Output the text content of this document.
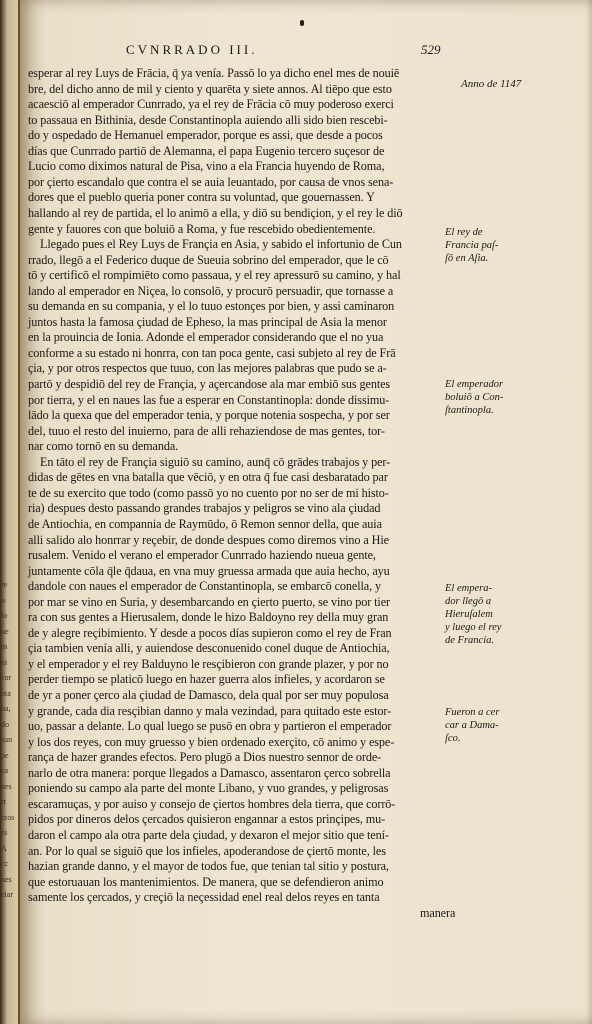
re
o
lo
ue
m
ni
cor
nta
ba,
do
sun
pe
ca
ues
rt
rzos
ni
A
cc
nes
ciar
CVNRRADO III.	529
esperar al rey Luys de Frācia, q̄ ya venía. Passō lo ya dicho enel mes de nouiē
bre, del dicho anno de mil y ciento y quarēta y siete annos. Al tiēpo que esto
acaesciō al emperador Cunrrado, ya el rey de Frācia cō muy poderoso exerci
to passaua en Bithinia, desde Constantinopla auiendo alli sido bien rescebi-
do y ospedado de Hemanuel emperador, porque es assi, que desde a pocos
días que Cunrrado partiō de Alemanna, el papa Eugenio tercero suçesor de
Lucio como diximos natural de Pisa, vino a ela Francia huyendo de Roma,
por çierto escandalo que contra el se auia leuantado, por causa de vnos sena-
dores que el pueblo queria poner contra su voluntad, que gouernassen. Y
hallando al rey de partida, el lo animō a ella, y diō su bendiçion, y el rey le diō
gente y fauores con que boluiō a Roma, y fue rescebido obedientemente.
Llegado pues el Rey Luys de Françia en Asia, y sabido el infortunio de Cun
rrado, llegō a el Federico duque de Sueuia sobrino del emperador, que le cō
tō y certificō el rompimiēto como passaua, y el rey apressurō su camino, y hal
lando al emperador en Niçea, lo consolō, y procurō persuadir, que tornasse a
su demanda en su compania, y el lo tuuo estonçes por bien, y assi caminaron
juntos hasta la famosa çiudad de Epheso, la mas principal de Asia la menor
en la prouincia de Ionia. Adonde el emperador considerando que el no yua
conforme a su estado ni honrra, con tan poca gente, casi subjeto al rey de Frā
çia, y por otros respectos que tuuo, con las mejores palabras que pudo se a-
partō y despidiō del rey de Françia, y açercandose ala mar embiō sus gentes
por tierra, y el en naues las fue a esperar en Constantinopla: donde dissimu-
lādo la quexa que del emperador tenia, y porque notenia sospecha, y por ser
del, tuuo el resto del inuierno, para de alli rehaziendose de mas gentes, tor-
nar como tornō en su demanda.
En tāto el rey de Françia siguiō su camino, aunq̄ cō grādes trabajos y per-
didas de gētes en vna batalla que vēciō, y en otra q̄ fue casi desbaratado par
te de su exercito que todo (como passō yo no cuento por no ser de mi histo-
ria) despues desto passando grandes trabajos y peligros se vino ala çiudad
de Antiochia, en compannia de Raymūdo, ō Remon sennor della, que auia
alli salido alo honrrar y reçebir, de donde despues como diremos vino a Hie
rusalem. Venido el verano el emperador Cunrrado haziendo nueua gente,
juntamente cōla q̄le q̄daua, en vna muy gruessa armada que auia hecho, ayu
dandole con naues el emperador de Constantinopla, se embarcō conella, y
por mar se vino en Suria, y desembarcando en çierto puerto, se vino por tier
ra con sus gentes a Hierusalem, donde le hizo Baldoyno rey della muy gran
de y alegre reçibimiento. Y desde a pocos días supieron como el rey de Fran
çia tambien venía alli, y auiendose desconuenido conel duque de Antiochia,
y el emperador y el rey Balduyno le resçibieron con grande plazer, y por no
perder tiempo se platicō luego en hazer guerra alos infieles, y acordaron se
de yr a poner çerco ala çiudad de Damasco, dela qual por ser muy populosa
y grande, cada dia resçibian danno y mala vezindad, para quitado este estor-
uo, passar a delante. Lo qual luego se pusō en obra y partieron el emperador
y los dos reyes, con muy gruesso y bien ordenado exerçito, cō animo y espe-
rança de hazer grandes efectos. Pero plugō a Dios nuestro sennor de orde-
narlo de otra manera: porque llegados a Damasco, assentaron çerco sobrella
poniendo su campo ala parte del monte Libano, y vuo grandes, y peligrosas
escaramuças, y por auiso y consejo de çiertos hombres dela tierra, que corrō-
pidos por dineros delos çercados quisieron engannar a estos prinçipes, mu-
daron el campo ala otra parte dela çiudad, y dexaron el mejor sitio que tení-
an. Por lo qual se siguiō que los infieles, apoderandose de çiertō monte, les
hazian grande danno, y el mayor de todos fue, que tenian tal sitio y postura,
que estoruauan los mantenimientos. De manera, que se defendieron animo
samente los çercados, y creçiō la neçessidad enel real delos reyes en tanta
manera
Anno de 1147
El rey de
Francia paſ-
ſō en Aſia.
El emperador
boluiō a Con-
ſtantinopla.
El empera-
dor llegō a
Hieruſalem
y luego el rey
de Francia.
Fueron a cer
car a Dama-
ſco.
